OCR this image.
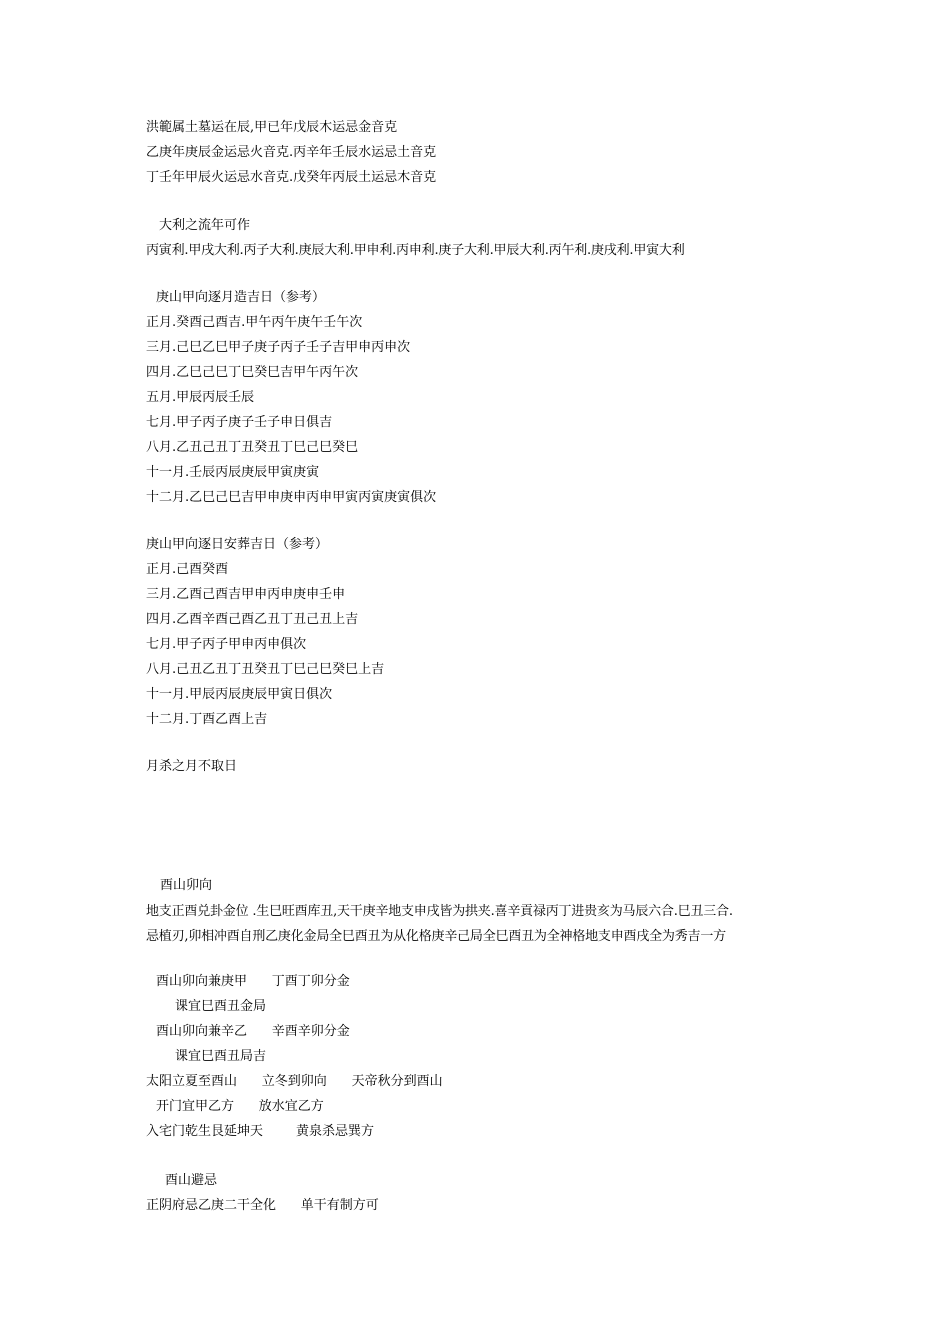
洪範属土墓运在辰,甲已年戊辰木运忌金音克
乙庚年庚辰金运忌火音克.丙辛年壬辰水运忌土音克
丁壬年甲辰火运忌水音克.戊癸年丙辰土运忌木音克
大利之流年可作
丙寅利.甲戌大利.丙子大利.庚辰大利.甲申利.丙申利.庚子大利.甲辰大利.丙午利.庚戌利.甲寅大利
庚山甲向逐月造吉日（参考）
正月.癸酉己酉吉.甲午丙午庚午壬午次
三月.己巳乙巳甲子庚子丙子壬子吉甲申丙申次
四月.乙巳己巳丁巳癸巳吉甲午丙午次
五月.甲辰丙辰壬辰
七月.甲子丙子庚子壬子申日俱吉
八月.乙丑己丑丁丑癸丑丁巳己巳癸巳
十一月.壬辰丙辰庚辰甲寅庚寅
十二月.乙巳己巳吉甲申庚申丙申甲寅丙寅庚寅俱次
庚山甲向逐日安葬吉日（参考）
正月.己酉癸酉
三月.乙酉己酉吉甲申丙申庚申壬申
四月.乙酉辛酉己酉乙丑丁丑己丑上吉
七月.甲子丙子甲申丙申俱次
八月.己丑乙丑丁丑癸丑丁巳己巳癸巳上吉
十一月.甲辰丙辰庚辰甲寅日俱次
十二月.丁酉乙酉上吉
月杀之月不取日
酉山卯向
地支正酉兑卦金位 .生巳旺酉库丑,天干庚辛地支申戌皆为拱夹.喜辛貢禄丙丁进贵亥为马辰六合.巳丑三合.
忌植刃,卯相冲酉自刑乙庚化金局全巳酉丑为从化格庚辛己局全巳酉丑为全神格地支申酉戌全为秀吉一方
酉山卯向兼庚甲      丁酉丁卯分金
课宜巳酉丑金局
酉山卯向兼辛乙      辛酉辛卯分金
课宜巳酉丑局吉
太阳立夏至酉山      立冬到卯向      天帝秋分到酉山
开门宜甲乙方      放水宜乙方
入宅门乾生艮延坤天        黄泉杀忌巽方
酉山避忌
正阴府忌乙庚二干全化      单干有制方可
